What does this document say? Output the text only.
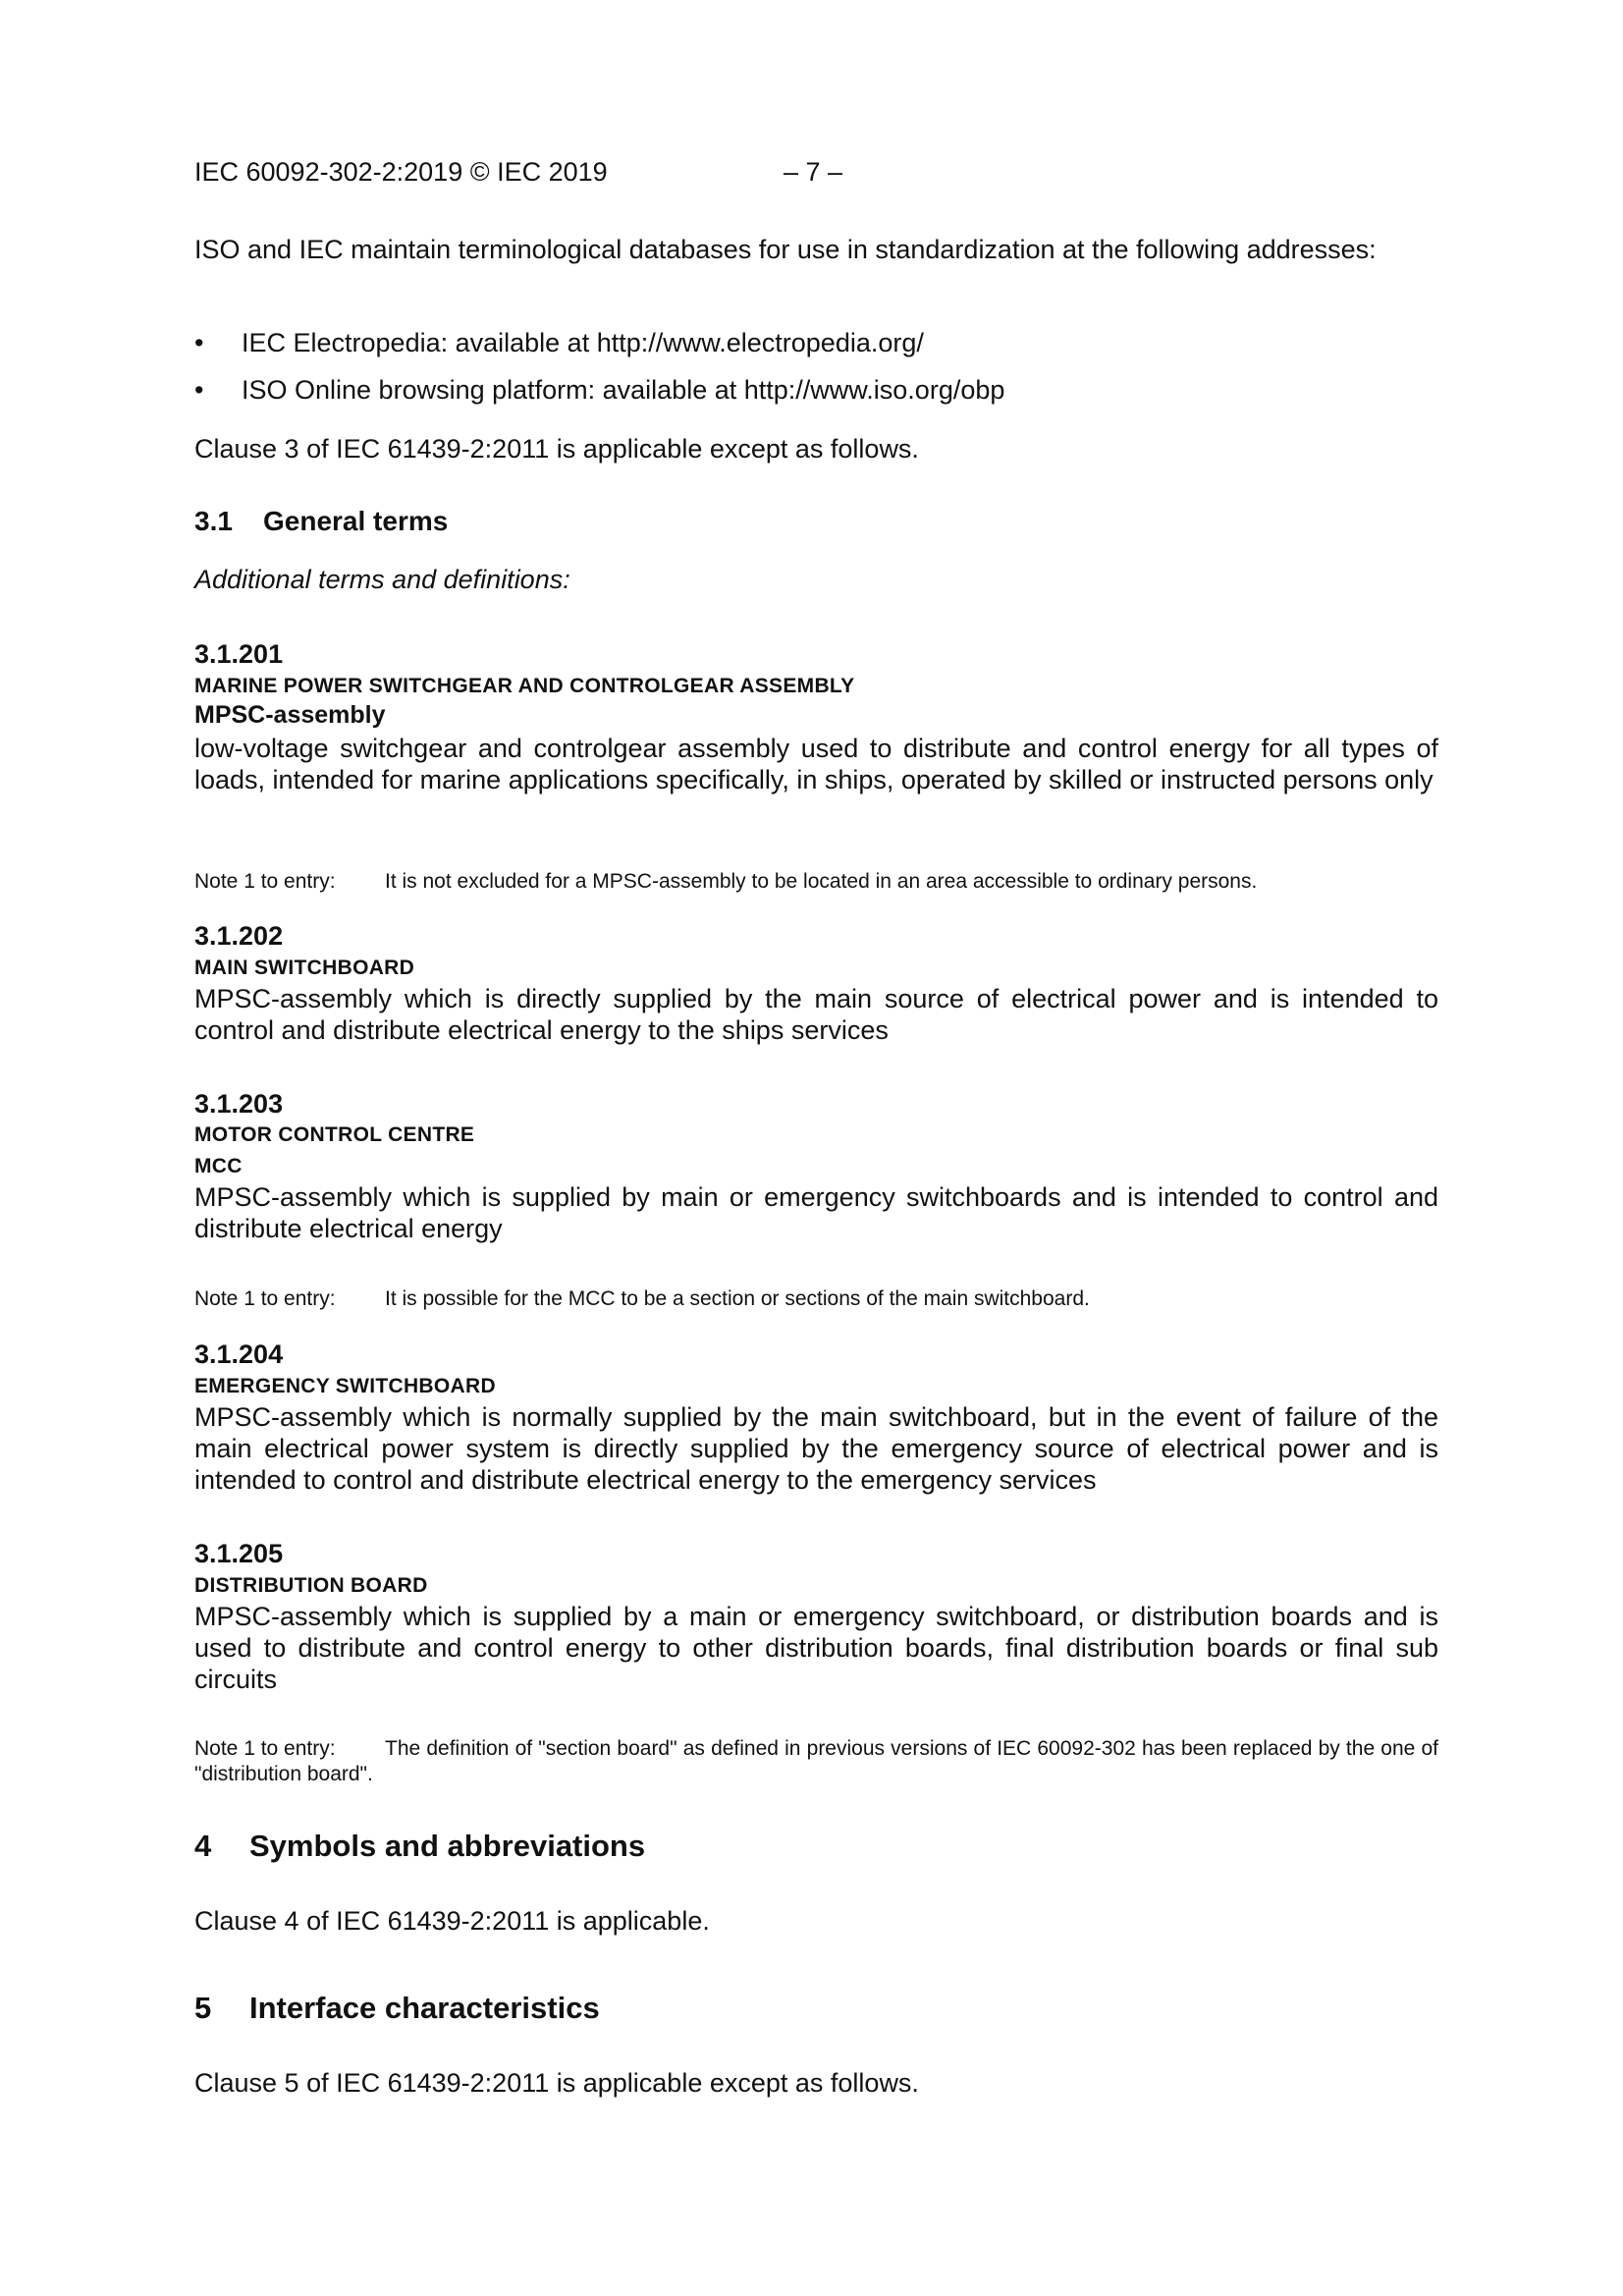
IEC 60092-302-2:2019 © IEC 2019	– 7 –

ISO and IEC maintain terminological databases for use in standardization at the following addresses:

• IEC Electropedia: available at http://www.electropedia.org/
• ISO Online browsing platform: available at http://www.iso.org/obp

Clause 3 of IEC 61439-2:2011 is applicable except as follows.

3.1 General terms
Additional terms and definitions:
3.1.201
MARINE POWER SWITCHGEAR AND CONTROLGEAR ASSEMBLY
MPSC-assembly

low-voltage switchgear and controlgear assembly used to distribute and control energy for all types of loads, intended for marine applications specifically, in ships, operated by skilled or instructed persons only

Note 1 to entry:	It is not excluded for a MPSC-assembly to be located in an area accessible to ordinary persons.

3.1.202
MAIN SWITCHBOARD

MPSC-assembly which is directly supplied by the main source of electrical power and is intended to control and distribute electrical energy to the ships services

3.1.203
MOTOR CONTROL CENTRE
MCC

MPSC-assembly which is supplied by main or emergency switchboards and is intended to control and distribute electrical energy

Note 1 to entry:	It is possible for the MCC to be a section or sections of the main switchboard.

3.1.204
EMERGENCY SWITCHBOARD

MPSC-assembly which is normally supplied by the main switchboard, but in the event of failure of the main electrical power system is directly supplied by the emergency source of electrical power and is intended to control and distribute electrical energy to the emergency services

3.1.205
DISTRIBUTION BOARD

MPSC-assembly which is supplied by a main or emergency switchboard, or distribution boards and is used to distribute and control energy to other distribution boards, final distribution boards or final sub circuits

Note 1 to entry:	The definition of "section board" as defined in previous versions of IEC 60092-302 has been replaced by the one of "distribution board".

4 Symbols and abbreviations

Clause 4 of IEC 61439-2:2011 is applicable.

5 Interface characteristics

Clause 5 of IEC 61439-2:2011 is applicable except as follows.
